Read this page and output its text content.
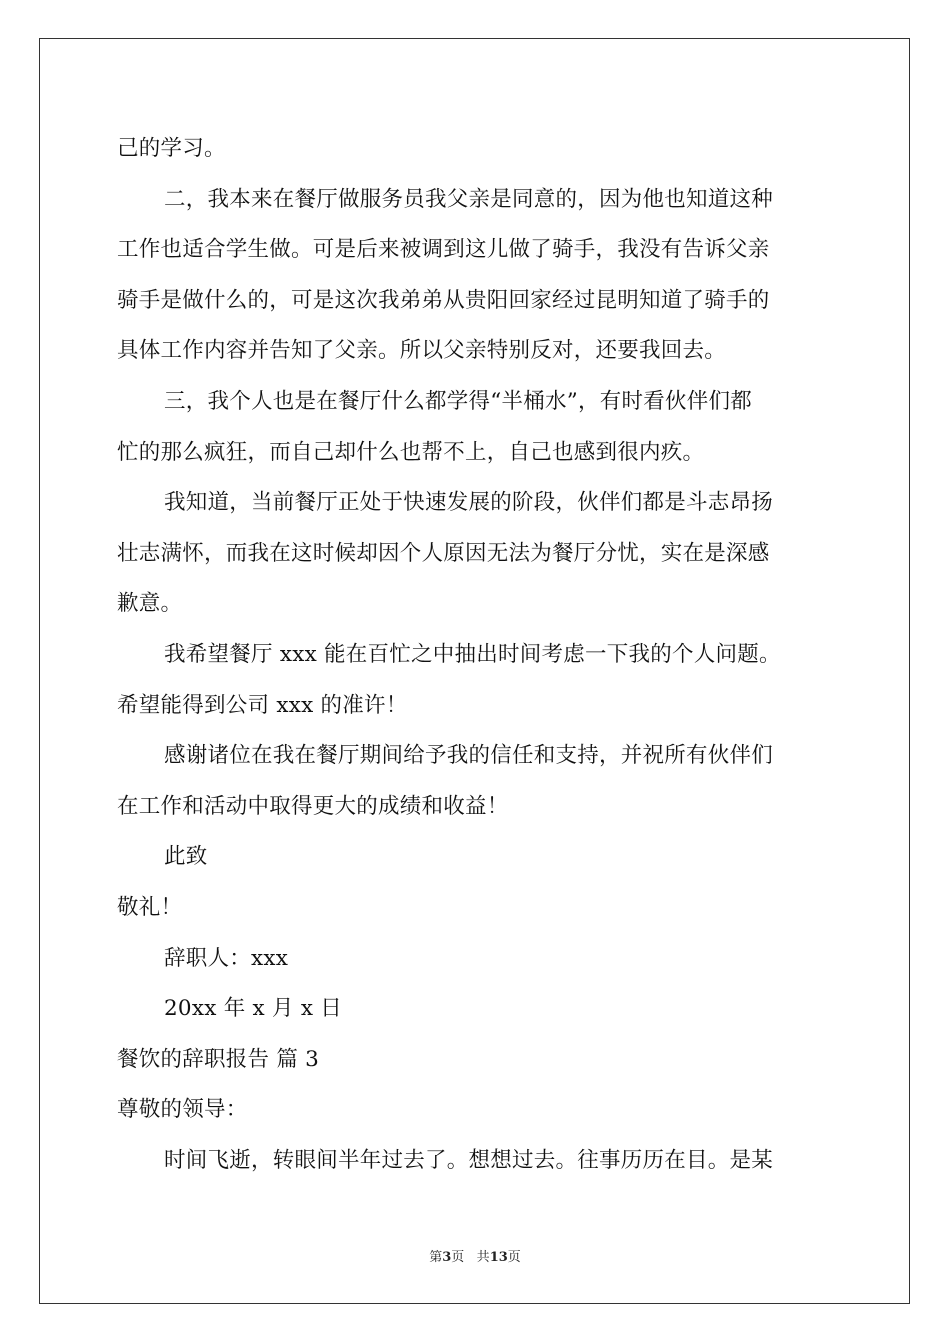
己的学习。
二，我本来在餐厅做服务员我父亲是同意的，因为他也知道这种
工作也适合学生做。可是后来被调到这儿做了骑手，我没有告诉父亲
骑手是做什么的，可是这次我弟弟从贵阳回家经过昆明知道了骑手的
具体工作内容并告知了父亲。所以父亲特别反对，还要我回去。
三，我个人也是在餐厅什么都学得“半桶水”，有时看伙伴们都
忙的那么疯狂，而自己却什么也帮不上，自己也感到很内疚。
我知道，当前餐厅正处于快速发展的阶段，伙伴们都是斗志昂扬
壮志满怀，而我在这时候却因个人原因无法为餐厅分忧，实在是深感
歉意。
我希望餐厅 xxx 能在百忙之中抽出时间考虑一下我的个人问题。
希望能得到公司 xxx 的准许！
感谢诸位在我在餐厅期间给予我的信任和支持，并祝所有伙伴们
在工作和活动中取得更大的成绩和收益！
此致
敬礼！
辞职人：xxx
20xx 年 x 月 x 日
餐饮的辞职报告 篇 3
尊敬的领导：
时间飞逝，转眼间半年过去了。想想过去。往事历历在目。是某
第3页 共13页
